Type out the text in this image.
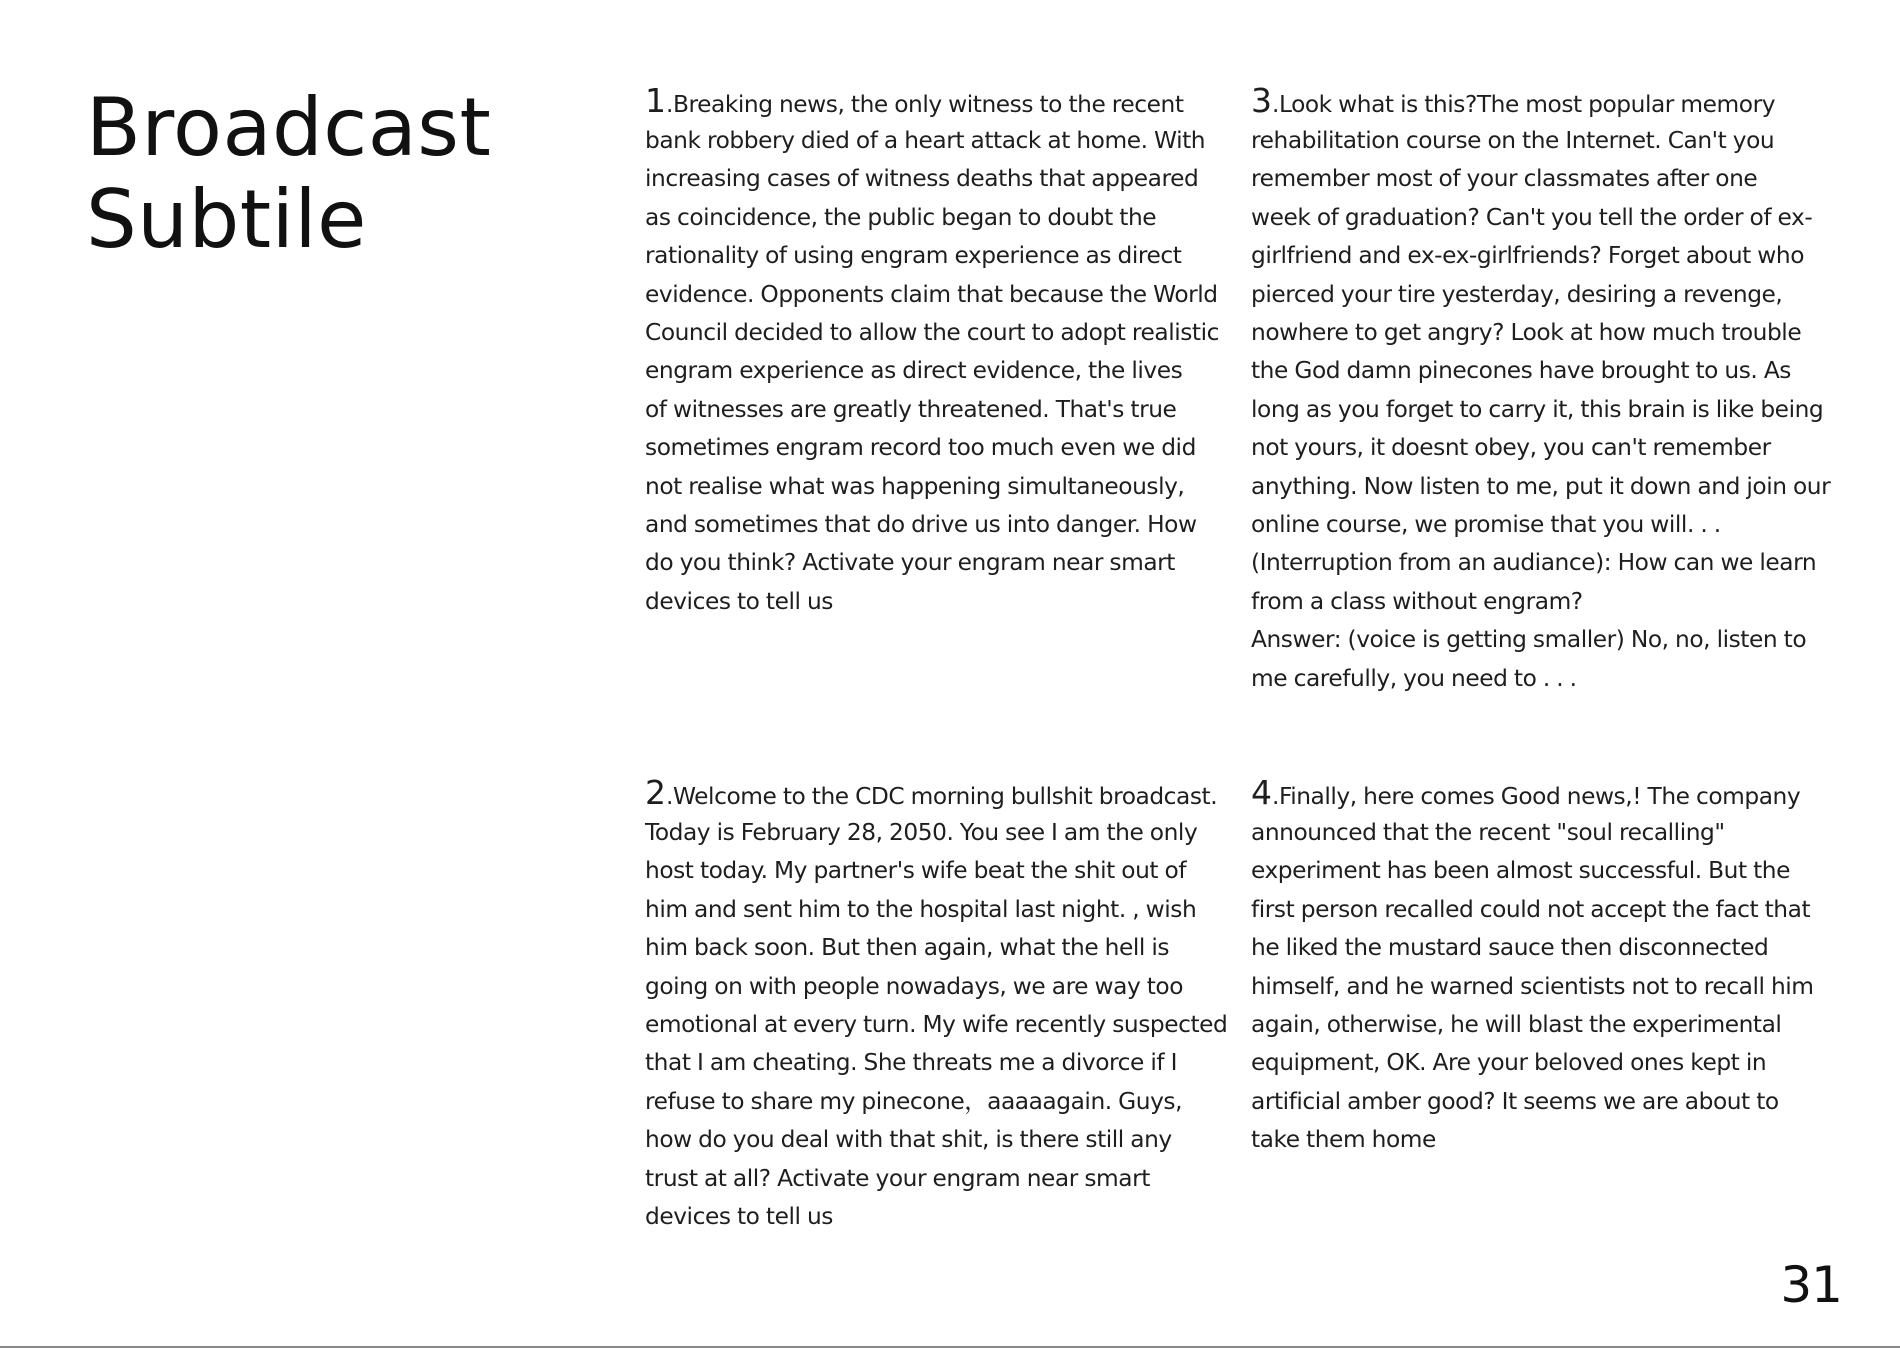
Broadcast
Subtile
1.Breaking news, the only witness to the recent
bank robbery died of a heart attack at home. With
increasing cases of witness deaths that appeared
as coincidence, the public began to doubt the
rationality of using engram experience as direct
evidence. Opponents claim that because the World
Council decided to allow the court to adopt realistic
engram experience as direct evidence, the lives
of witnesses are greatly threatened. That's true
sometimes engram record too much even we did
not realise what was happening simultaneously,
and sometimes that do drive us into danger. How
do you think? Activate your engram near smart
devices to tell us
2.Welcome to the CDC morning bullshit broadcast.
Today is February 28, 2050. You see I am the only
host today. My partner's wife beat the shit out of
him and sent him to the hospital last night. , wish
him back soon. But then again, what the hell is
going on with people nowadays, we are way too
emotional at every turn. My wife recently suspected
that I am cheating. She threats me a divorce if I
refuse to share my pinecone，aaaaagain. Guys,
how do you deal with that shit, is there still any
trust at all? Activate your engram near smart
devices to tell us
3.Look what is this?The most popular memory
rehabilitation course on the Internet. Can't you
remember most of your classmates after one
week of graduation? Can't you tell the order of ex-
girlfriend and ex-ex-girlfriends? Forget about who
pierced your tire yesterday, desiring a revenge,
nowhere to get angry? Look at how much trouble
the God damn pinecones have brought to us. As
long as you forget to carry it, this brain is like being
not yours, it doesnt obey, you can't remember
anything. Now listen to me, put it down and join our
online course, we promise that you will. . .
(Interruption from an audiance): How can we learn
from a class without engram?
Answer: (voice is getting smaller) No, no, listen to
me carefully, you need to . . .
4.Finally, here comes Good news,! The company
announced that the recent "soul recalling"
experiment has been almost successful. But the
first person recalled could not accept the fact that
he liked the mustard sauce then disconnected
himself, and he warned scientists not to recall him
again, otherwise, he will blast the experimental
equipment, OK. Are your beloved ones kept in
artificial amber good? It seems we are about to
take them home
31
